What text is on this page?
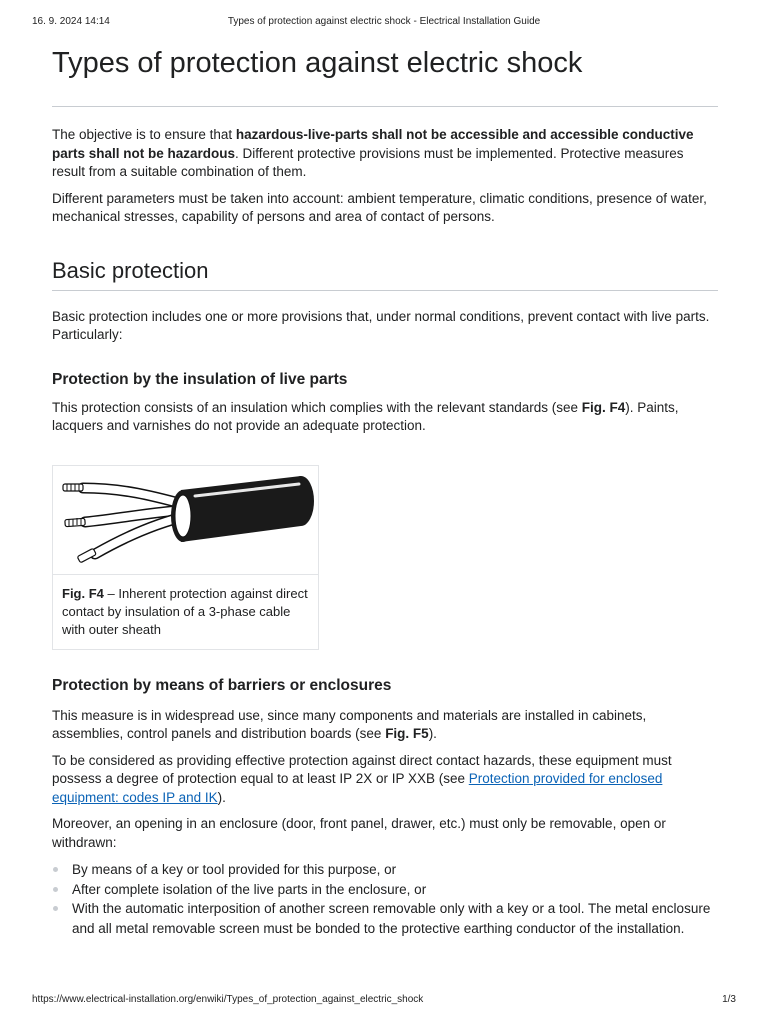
16. 9. 2024 14:14	Types of protection against electric shock - Electrical Installation Guide
Types of protection against electric shock

The objective is to ensure that hazardous-live-parts shall not be accessible and accessible conductive parts shall not be hazardous. Different protective provisions must be implemented. Protective measures result from a suitable combination of them.

Different parameters must be taken into account: ambient temperature, climatic conditions, presence of water, mechanical stresses, capability of persons and area of contact of persons.

Basic protection

Basic protection includes one or more provisions that, under normal conditions, prevent contact with live parts. Particularly:

Protection by the insulation of live parts

This protection consists of an insulation which complies with the relevant standards (see Fig. F4). Paints, lacquers and varnishes do not provide an adequate protection.

Fig. F4 – Inherent protection against direct contact by insulation of a 3-phase cable with outer sheath
Protection by means of barriers or enclosures

This measure is in widespread use, since many components and materials are installed in cabinets, assemblies, control panels and distribution boards (see Fig. F5).

To be considered as providing effective protection against direct contact hazards, these equipment must possess a degree of protection equal to at least IP 2X or IP XXB (see Protection provided for enclosed equipment: codes IP and IK).

Moreover, an opening in an enclosure (door, front panel, drawer, etc.) must only be removable, open or withdrawn:

By means of a key or tool provided for this purpose, or
After complete isolation of the live parts in the enclosure, or
With the automatic interposition of another screen removable only with a key or a tool. The metal enclosure and all metal removable screen must be bonded to the protective earthing conductor of the installation.
https://www.electrical-installation.org/enwiki/Types_of_protection_against_electric_shock	1/3
